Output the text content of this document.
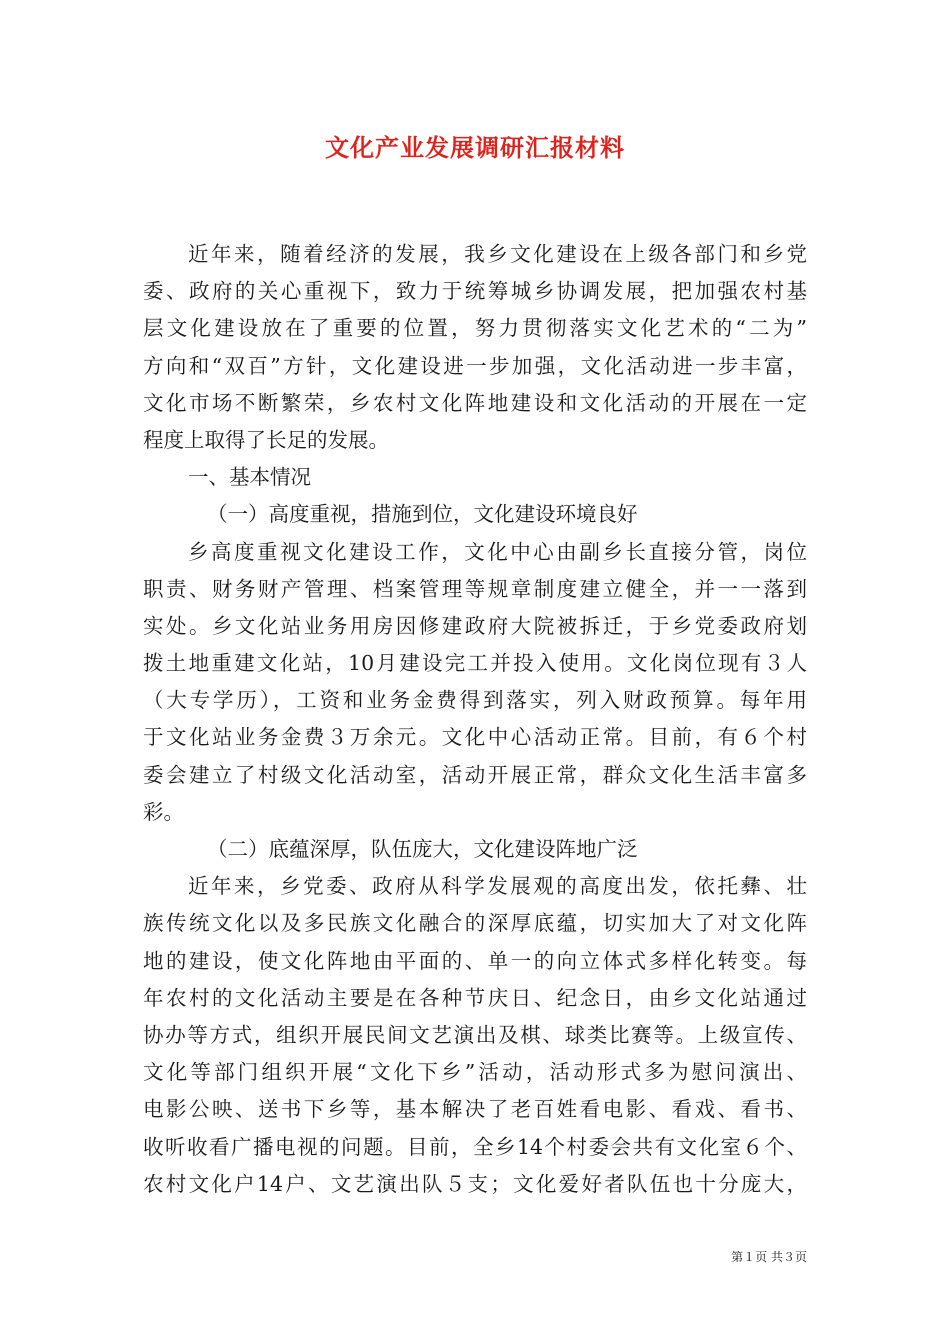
文化产业发展调研汇报材料
近年来，随着经济的发展，我乡文化建设在上级各部门和乡党
委、政府的关心重视下，致力于统筹城乡协调发展，把加强农村基
层文化建设放在了重要的位置，努力贯彻落实文化艺术的“二为”
方向和“双百”方针，文化建设进一步加强，文化活动进一步丰富，
文化市场不断繁荣，乡农村文化阵地建设和文化活动的开展在一定
程度上取得了长足的发展。
一、基本情况
（一）高度重视，措施到位，文化建设环境良好
乡高度重视文化建设工作，文化中心由副乡长直接分管，岗位
职责、财务财产管理、档案管理等规章制度建立健全，并一一落到
实处。乡文化站业务用房因修建政府大院被拆迁，于乡党委政府划
拨土地重建文化站，10月建设完工并投入使用。文化岗位现有３人
（大专学历），工资和业务金费得到落实，列入财政预算。每年用
于文化站业务金费３万余元。文化中心活动正常。目前，有６个村
委会建立了村级文化活动室，活动开展正常，群众文化生活丰富多
彩。
（二）底蕴深厚，队伍庞大，文化建设阵地广泛
近年来，乡党委、政府从科学发展观的高度出发，依托彝、壮
族传统文化以及多民族文化融合的深厚底蕴，切实加大了对文化阵
地的建设，使文化阵地由平面的、单一的向立体式多样化转变。每
年农村的文化活动主要是在各种节庆日、纪念日，由乡文化站通过
协办等方式，组织开展民间文艺演出及棋、球类比赛等。上级宣传、
文化等部门组织开展“文化下乡”活动，活动形式多为慰问演出、
电影公映、送书下乡等，基本解决了老百姓看电影、看戏、看书、
收听收看广播电视的问题。目前，全乡14个村委会共有文化室６个、
农村文化户14户、文艺演出队５支；文化爱好者队伍也十分庞大，
第１页 共３页
